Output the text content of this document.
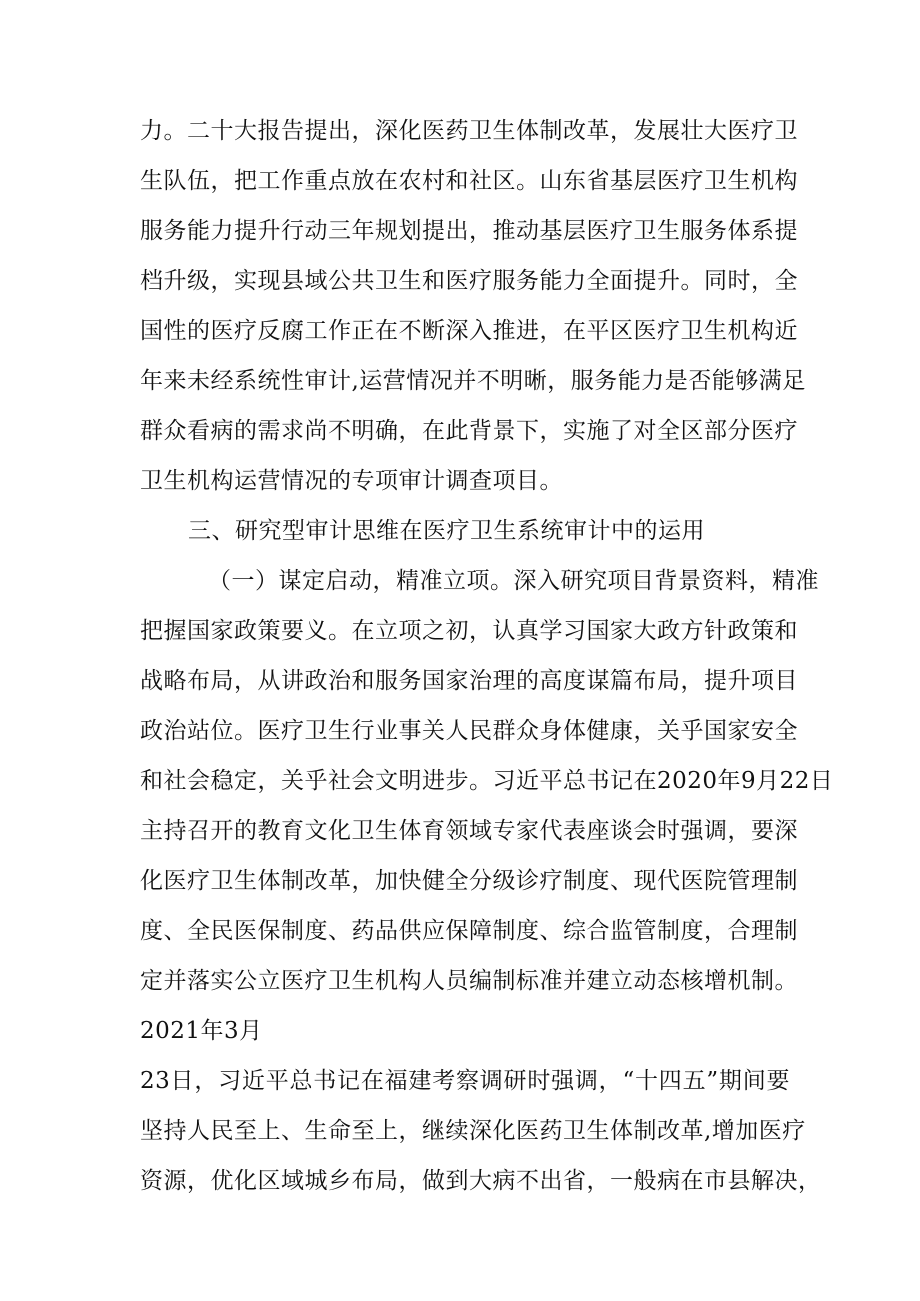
力。二十大报告提出，深化医药卫生体制改革，发展壮大医疗卫
生队伍，把工作重点放在农村和社区。山东省基层医疗卫生机构
服务能力提升行动三年规划提出，推动基层医疗卫生服务体系提
档升级，实现县域公共卫生和医疗服务能力全面提升。同时，全
国性的医疗反腐工作正在不断深入推进，在平区医疗卫生机构近
年来未经系统性审计,运营情况并不明晰，服务能力是否能够满足
群众看病的需求尚不明确，在此背景下，实施了对全区部分医疗
卫生机构运营情况的专项审计调查项目。
三、研究型审计思维在医疗卫生系统审计中的运用
（一）谋定启动，精准立项。深入研究项目背景资料，精准
把握国家政策要义。在立项之初，认真学习国家大政方针政策和
战略布局，从讲政治和服务国家治理的高度谋篇布局，提升项目
政治站位。医疗卫生行业事关人民群众身体健康，关乎国家安全
和社会稳定，关乎社会文明进步。习近平总书记在2020年9月22日
主持召开的教育文化卫生体育领域专家代表座谈会时强调，要深
化医疗卫生体制改革，加快健全分级诊疗制度、现代医院管理制
度、全民医保制度、药品供应保障制度、综合监管制度，合理制
定并落实公立医疗卫生机构人员编制标准并建立动态核增机制。
2021年3月
23日，习近平总书记在福建考察调研时强调，“十四五”期间要
坚持人民至上、生命至上，继续深化医药卫生体制改革,增加医疗
资源，优化区域城乡布局，做到大病不出省，一般病在市县解决，
